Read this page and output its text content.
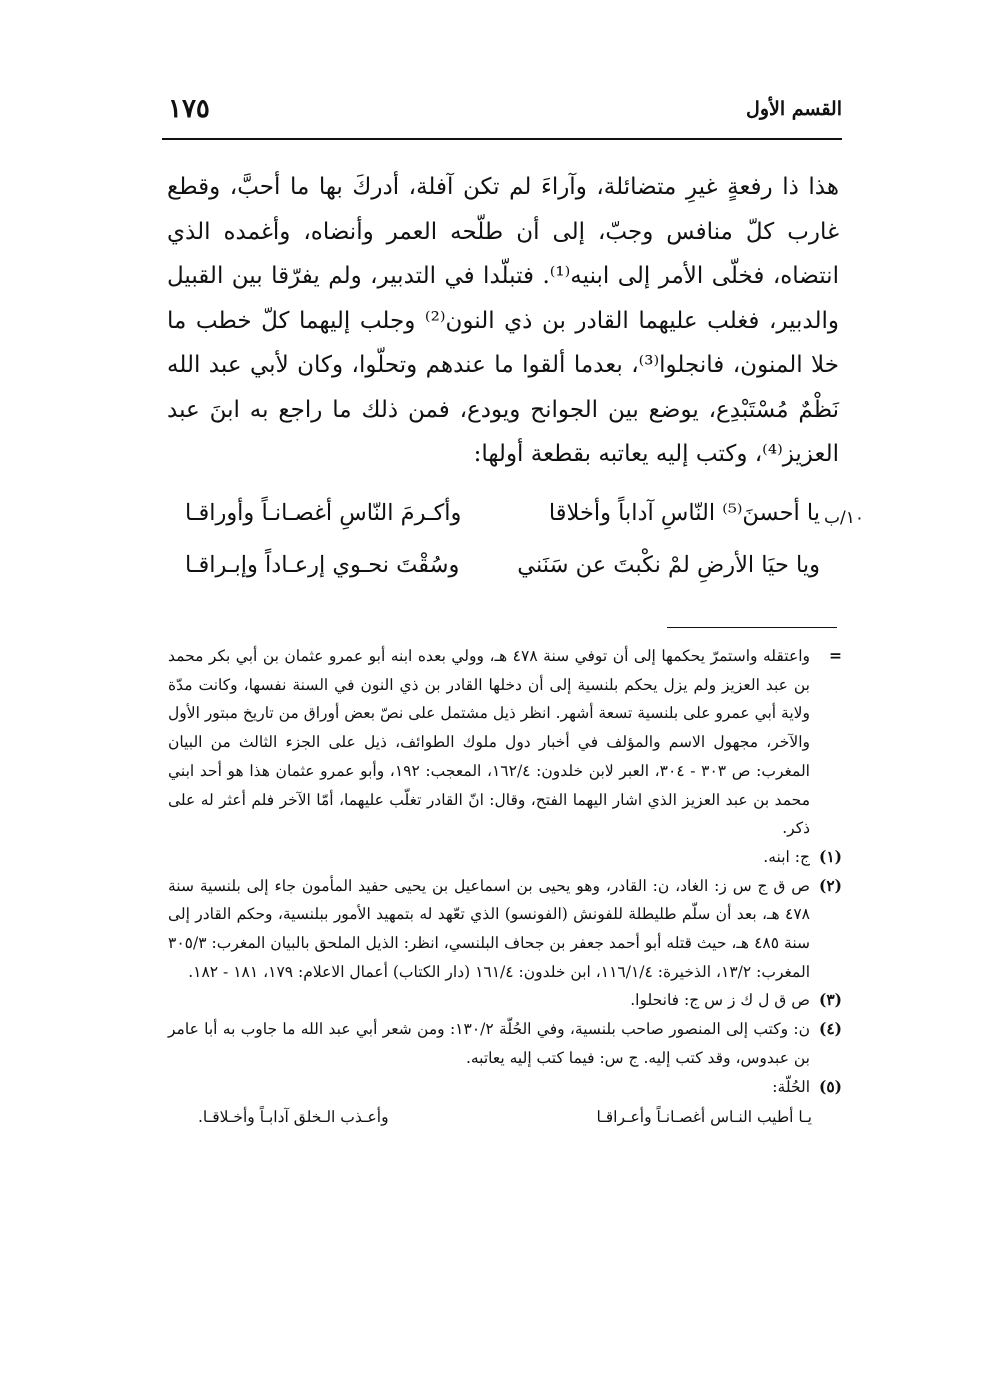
القسم الأول
١٧٥

هذا ذا رفعةٍ غيرِ متضائلة، وآراءَ لم تكن آفلة، أدركَ بها ما أحبَّ، وقطع غارب كلّ منافس وجبّ، إلى أن طلّحه العمر وأنضاه، وأغمده الذي انتضاه، فخلّى الأمر إلى ابنيه⁽¹⁾. فتبلّدا في التدبير، ولم يفرّقا بين القبيل والدبير، فغلب عليهما القادر بن ذي النون⁽²⁾ وجلب إليهما كلّ خطب ما خلا المنون، فانجلوا⁽³⁾، بعدما ألقوا ما عندهم وتحلّوا، وكان لأبي عبد الله نَظْمٌ مُسْتَبْدِع، يوضع بين الجوانح ويودع، فمن ذلك ما راجع به ابنَ عبد العزيز⁽⁴⁾، وكتب إليه يعاتبه بقطعة أولها:

١٠/ب
يا أحسنَ⁽⁵⁾ النّاسِ آداباً وأخلاقا
وأكـرمَ النّاسِ أغصـانـاً وأوراقـا
ويا حيَا الأرضِ لمْ نكْبتَ عن سَنَني
وسُقْتَ نحـوي إرعـاداً وإبـراقـا

=
واعتقله واستمرّ يحكمها إلى أن توفي سنة ٤٧٨ هـ، وولي بعده ابنه أبو عمرو عثمان بن أبي بكر محمد بن عبد العزيز ولم يزل يحكم بلنسية إلى أن دخلها القادر بن ذي النون في السنة نفسها، وكانت مدّة ولاية أبي عمرو على بلنسية تسعة أشهر. انظر ذيل مشتمل على نصّ بعض أوراق من تاريخ مبتور الأول والآخر، مجهول الاسم والمؤلف في أخبار دول ملوك الطوائف، ذيل على الجزء الثالث من البيان المغرب: ص ٣٠٣ - ٣٠٤، العبر لابن خلدون: ١٦٢/٤، المعجب: ١٩٢، وأبو عمرو عثمان هذا هو أحد ابني محمد بن عبد العزيز الذي اشار اليهما الفتح، وقال: انّ القادر تغلّب عليهما، أمّا الآخر فلم أعثر له على ذكر.

(١)
ج: ابنه.

(٢)
ص ق ج س ز: الغاد، ن: القادر، وهو يحيى بن اسماعيل بن يحيى حفيد المأمون جاء إلى بلنسية سنة ٤٧٨ هـ، بعد أن سلّم طليطلة للفونش (الفونسو) الذي تعّهد له بتمهيد الأمور ببلنسية، وحكم القادر إلى سنة ٤٨٥ هـ، حيث قتله أبو أحمد جعفر بن جحاف البلنسي، انظر: الذيل الملحق بالبيان المغرب: ٣٠٥/٣ المغرب: ١٣/٢، الذخيرة: ١١٦/١/٤، ابن خلدون: ١٦١/٤ (دار الكتاب) أعمال الاعلام: ١٧٩، ١٨١ - ١٨٢.

(٣)
ص ق ل ك ز س ج: فانحلوا.

(٤)
ن: وكتب إلى المنصور صاحب بلنسية، وفي الحُلّة ١٣٠/٢: ومن شعر أبي عبد الله ما جاوب به أبا عامر بن عبدوس، وقد كتب إليه. ج س: فيما كتب إليه يعاتبه.

(٥)
الحُلّة:

يـا أطيب النـاس أغصـانـاً وأعـراقـا
وأعـذب الـخلق آدابـاً وأخـلاقـا.
